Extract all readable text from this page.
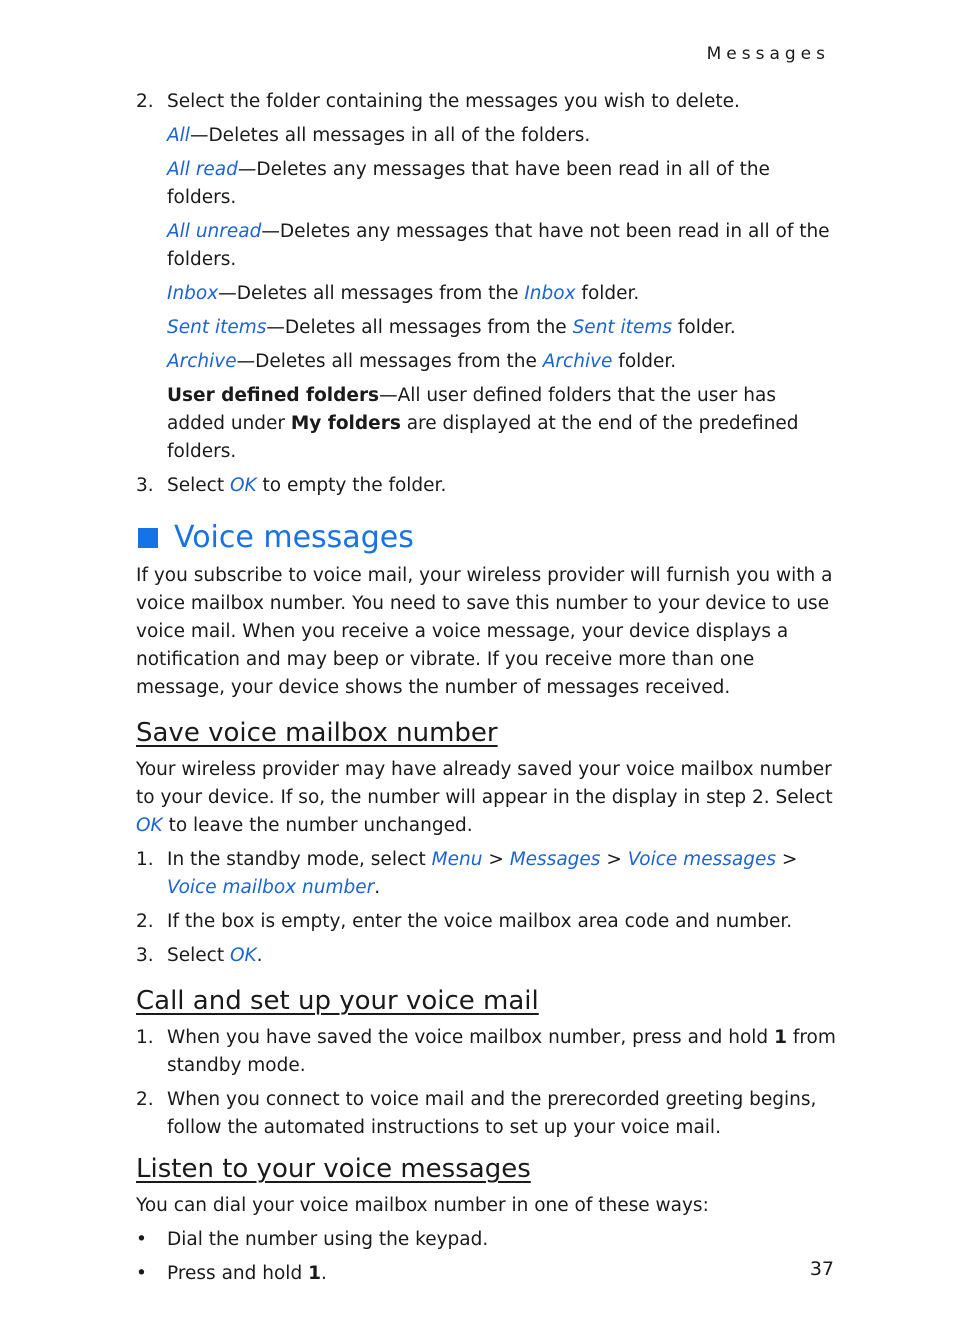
Messages
2. Select the folder containing the messages you wish to delete.
All—Deletes all messages in all of the folders.
All read—Deletes any messages that have been read in all of the folders.
All unread—Deletes any messages that have not been read in all of the folders.
Inbox—Deletes all messages from the Inbox folder.
Sent items—Deletes all messages from the Sent items folder.
Archive—Deletes all messages from the Archive folder.
User defined folders—All user defined folders that the user has added under My folders are displayed at the end of the predefined folders.
3. Select OK to empty the folder.
Voice messages

If you subscribe to voice mail, your wireless provider will furnish you with a voice mailbox number. You need to save this number to your device to use voice mail. When you receive a voice message, your device displays a notification and may beep or vibrate. If you receive more than one message, your device shows the number of messages received.

Save voice mailbox number

Your wireless provider may have already saved your voice mailbox number to your device. If so, the number will appear in the display in step 2. Select OK to leave the number unchanged.

1. In the standby mode, select Menu > Messages > Voice messages > Voice mailbox number.
2. If the box is empty, enter the voice mailbox area code and number.
3. Select OK.
Call and set up your voice mail
1. When you have saved the voice mailbox number, press and hold 1 from standby mode.
2. When you connect to voice mail and the prerecorded greeting begins, follow the automated instructions to set up your voice mail.
Listen to your voice messages

You can dial your voice mailbox number in one of these ways:

• Dial the number using the keypad.
• Press and hold 1.	37
